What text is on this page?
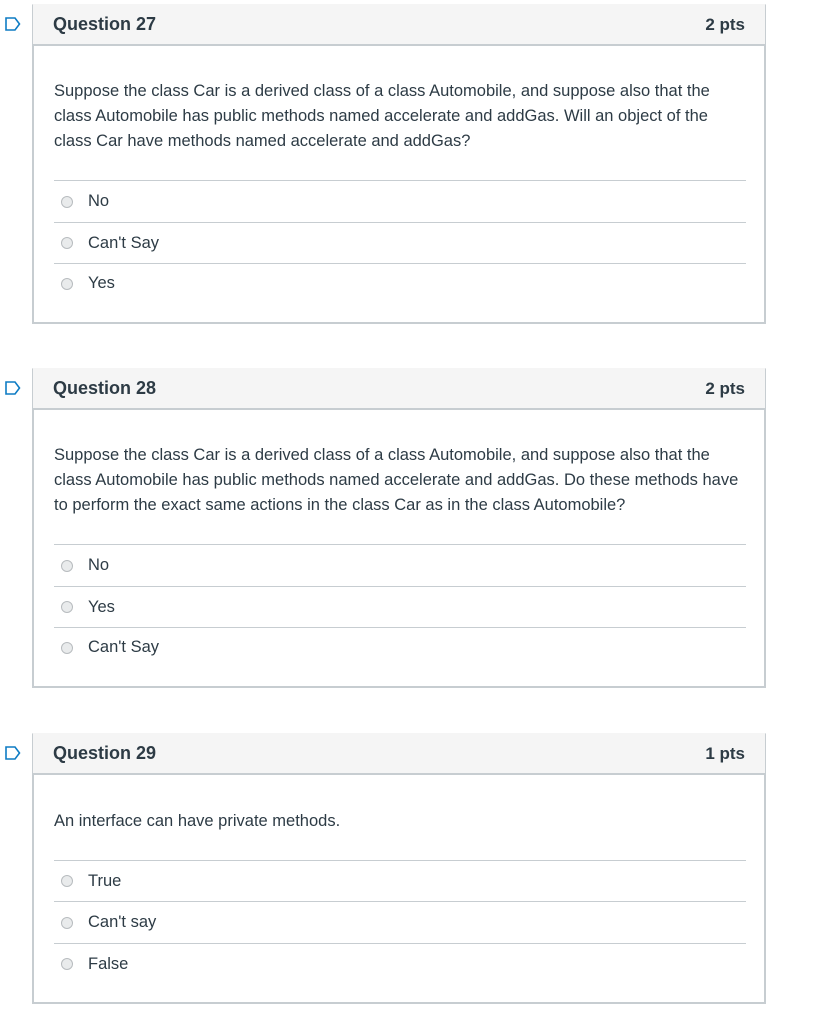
Question 27	2 pts

Suppose the class Car is a derived class of a class Automobile, and suppose also that the class Automobile has public methods named accelerate and addGas. Will an object of the class Car have methods named accelerate and addGas?

No
Can't Say
Yes
Question 28	2 pts

Suppose the class Car is a derived class of a class Automobile, and suppose also that the class Automobile has public methods named accelerate and addGas. Do these methods have to perform the exact same actions in the class Car as in the class Automobile?

No
Yes
Can't Say
Question 29	1 pts

An interface can have private methods.

True
Can't say
False
